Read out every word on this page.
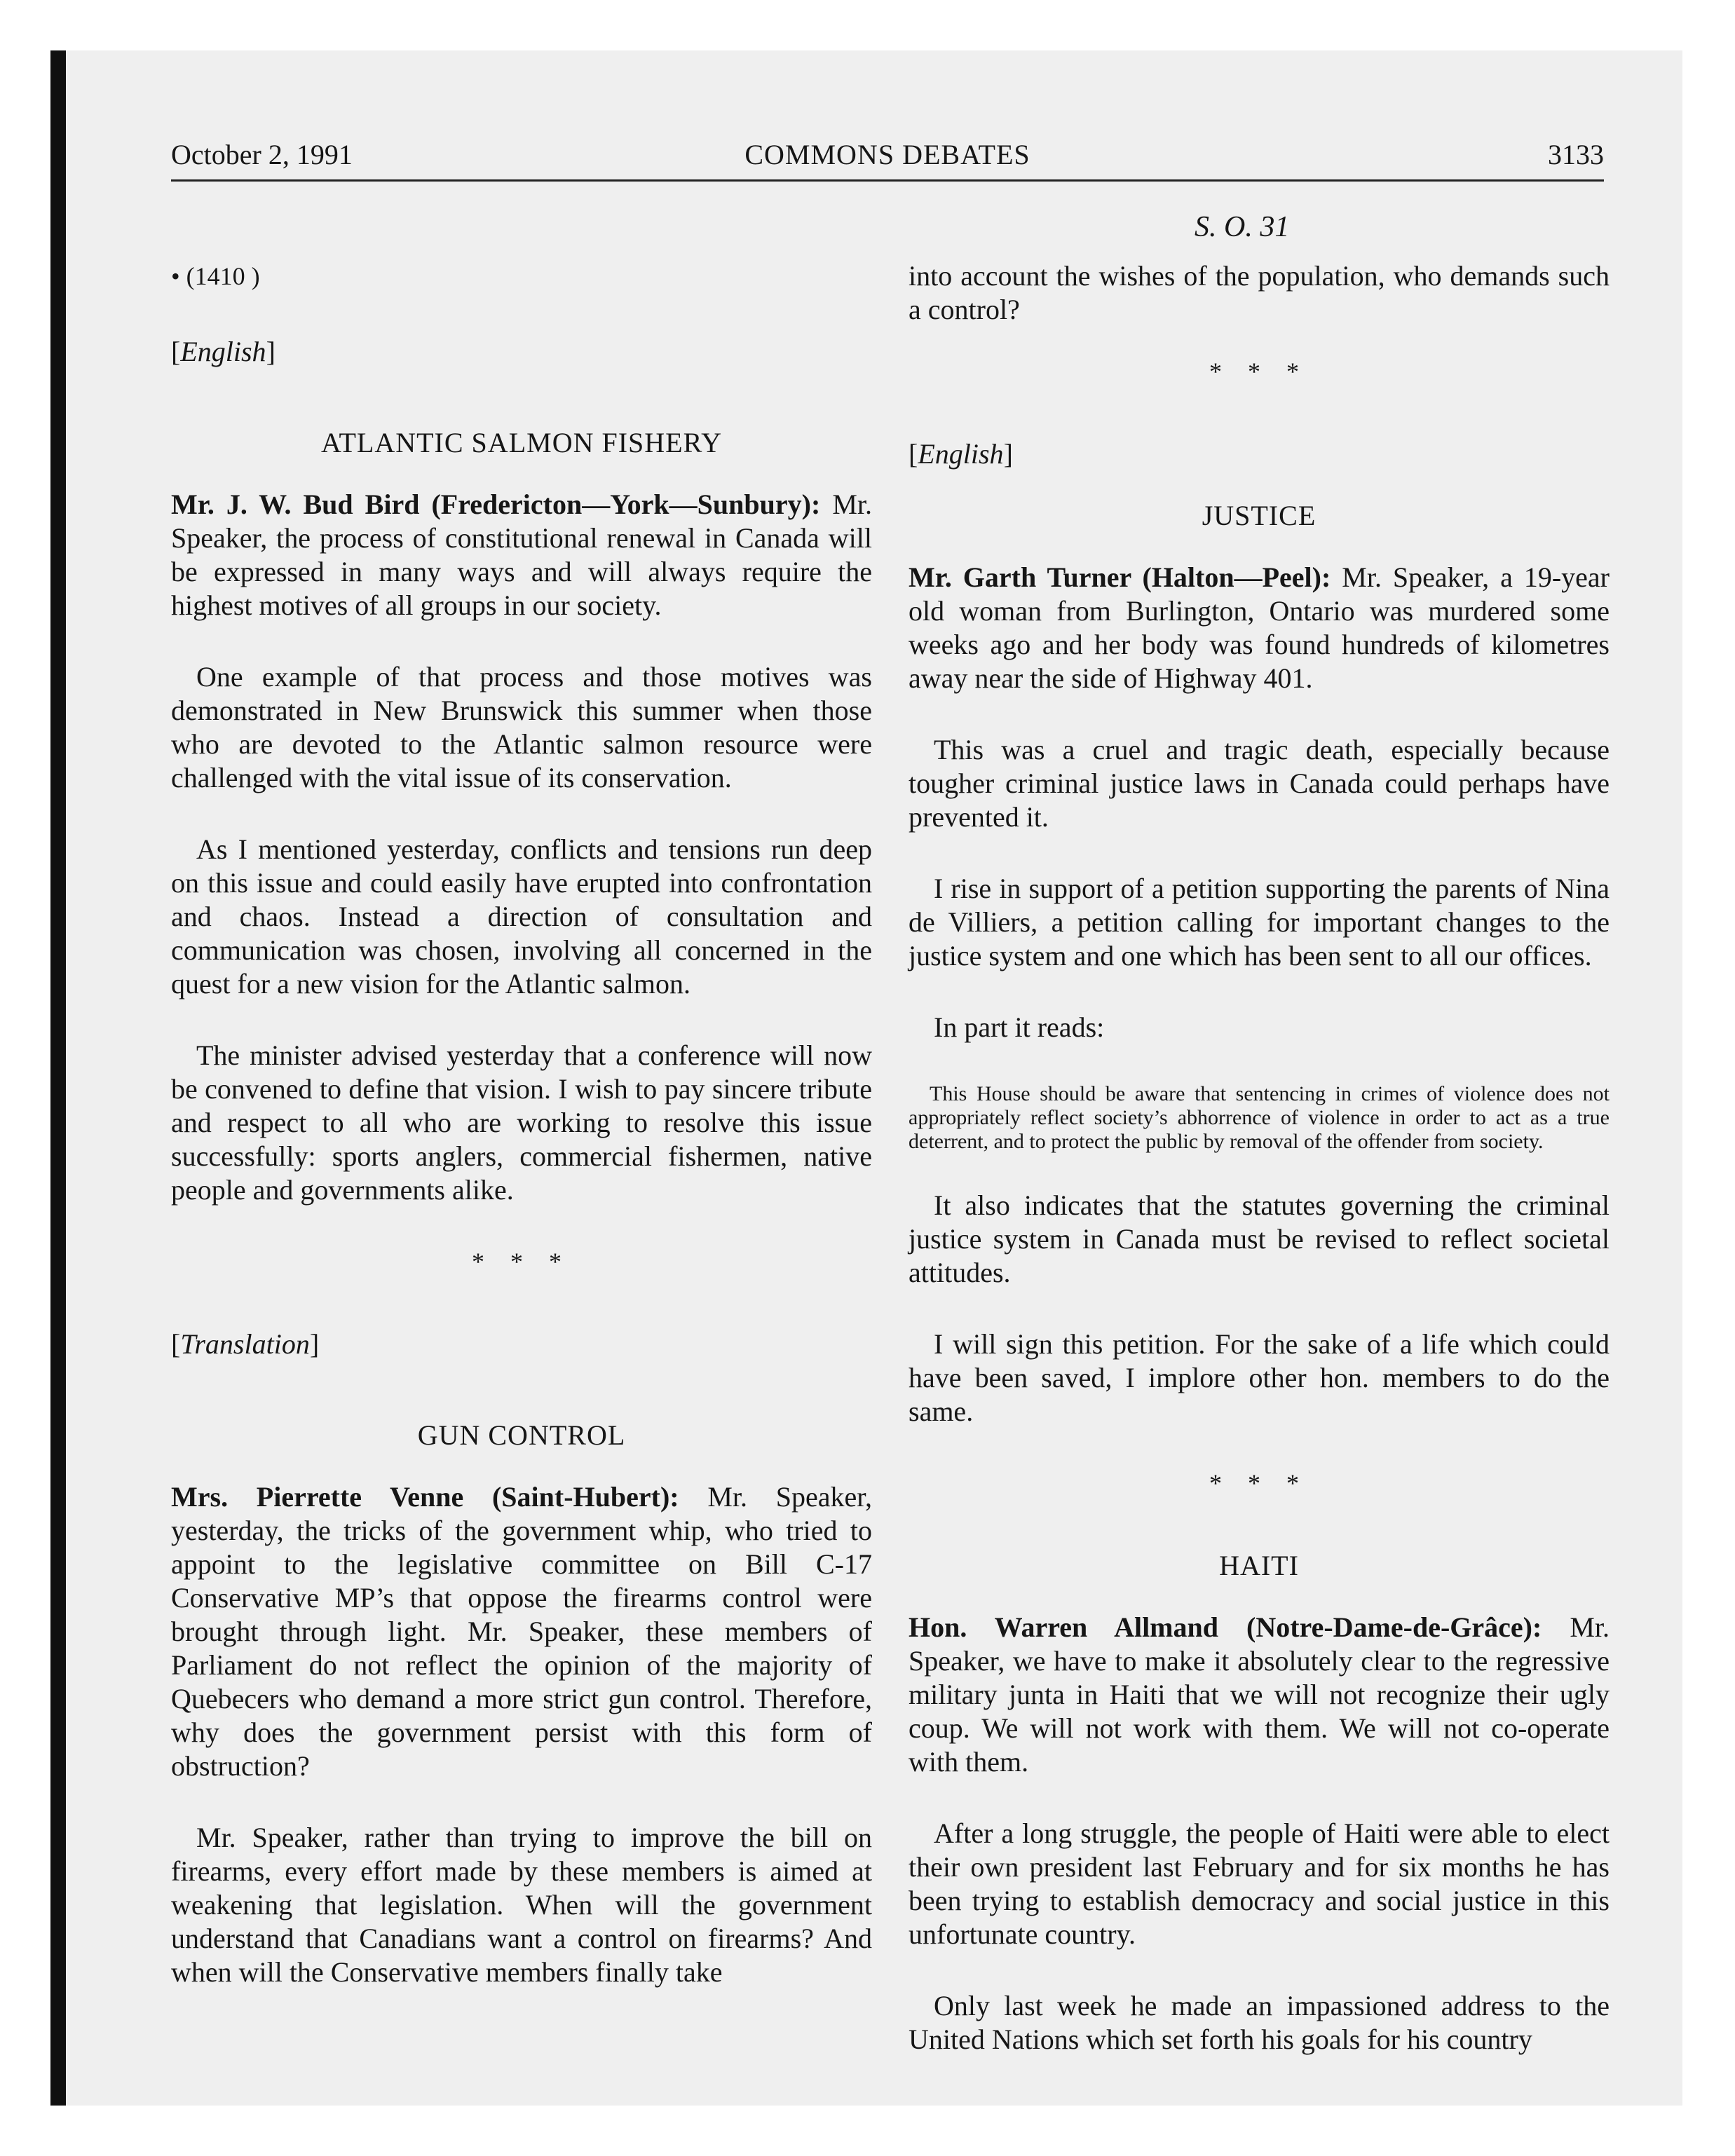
October 2, 1991	COMMONS DEBATES	3133
S. O. 31
• (1410 )
[English]
ATLANTIC SALMON FISHERY

Mr. J. W. Bud Bird (Fredericton—York—Sunbury): Mr. Speaker, the process of constitutional renewal in Canada will be expressed in many ways and will always require the highest motives of all groups in our society.

One example of that process and those motives was demonstrated in New Brunswick this summer when those who are devoted to the Atlantic salmon resource were challenged with the vital issue of its conservation.

As I mentioned yesterday, conflicts and tensions run deep on this issue and could easily have erupted into confrontation and chaos. Instead a direction of consultation and communication was chosen, involving all concerned in the quest for a new vision for the Atlantic salmon.

The minister advised yesterday that a conference will now be convened to define that vision. I wish to pay sincere tribute and respect to all who are working to resolve this issue successfully: sports anglers, commercial fishermen, native people and governments alike.

* * *
[Translation]
GUN CONTROL

Mrs. Pierrette Venne (Saint-Hubert): Mr. Speaker, yesterday, the tricks of the government whip, who tried to appoint to the legislative committee on Bill C-17 Conservative MP’s that oppose the firearms control were brought through light. Mr. Speaker, these members of Parliament do not reflect the opinion of the majority of Quebecers who demand a more strict gun control. Therefore, why does the government persist with this form of obstruction?

Mr. Speaker, rather than trying to improve the bill on firearms, every effort made by these members is aimed at weakening that legislation. When will the government understand that Canadians want a control on firearms? And when will the Conservative members finally take

into account the wishes of the population, who demands such a control?

* * *
[English]
JUSTICE

Mr. Garth Turner (Halton—Peel): Mr. Speaker, a 19-year old woman from Burlington, Ontario was murdered some weeks ago and her body was found hundreds of kilometres away near the side of Highway 401.

This was a cruel and tragic death, especially because tougher criminal justice laws in Canada could perhaps have prevented it.

I rise in support of a petition supporting the parents of Nina de Villiers, a petition calling for important changes to the justice system and one which has been sent to all our offices.

In part it reads:

This House should be aware that sentencing in crimes of violence does not appropriately reflect society’s abhorrence of violence in order to act as a true deterrent, and to protect the public by removal of the offender from society.

It also indicates that the statutes governing the criminal justice system in Canada must be revised to reflect societal attitudes.

I will sign this petition. For the sake of a life which could have been saved, I implore other hon. members to do the same.

* * *
HAITI

Hon. Warren Allmand (Notre-Dame-de-Grâce): Mr. Speaker, we have to make it absolutely clear to the regressive military junta in Haiti that we will not recognize their ugly coup. We will not work with them. We will not co-operate with them.

After a long struggle, the people of Haiti were able to elect their own president last February and for six months he has been trying to establish democracy and social justice in this unfortunate country.

Only last week he made an impassioned address to the United Nations which set forth his goals for his country
